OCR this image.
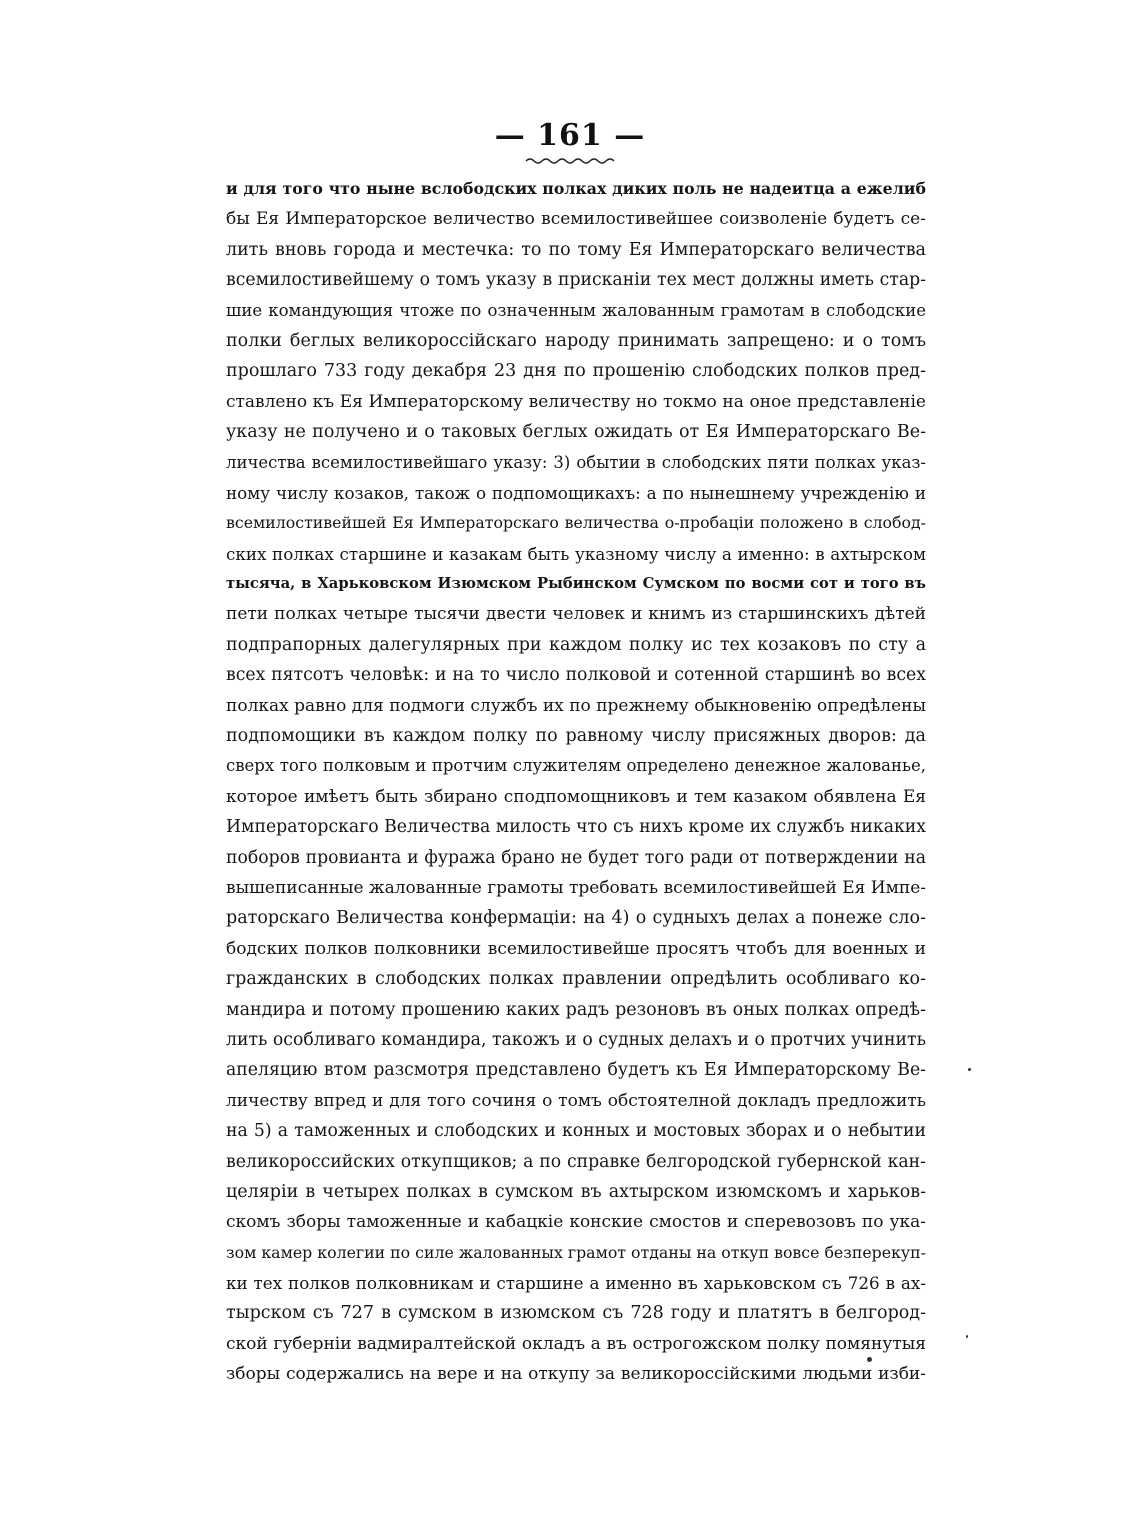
— 161 —
и для того что ныне вслободских полках диких поль не надеитца а ежелиб
бы Ея Императорское величество всемилостивейшее соизволеніе будетъ се-
лить вновь города и местечка: то по тому Ея Императорскаго величества
всемилостивейшему о томъ указу в присканіи тех мест должны иметь стар-
шие командующия чтоже по означенным жалованным грамотам в слободские
полки беглых великороссійскаго народу принимать запрещено: и о томъ
прошлаго 733 году декабря 23 дня по прошенію слободских полков пред-
ставлено къ Ея Императорскому величеству но токмо на оное представленіе
указу не получено и о таковых беглых ожидать от Ея Императорскаго Ве-
личества всемилостивейшаго указу: 3) обытии в слободских пяти полках указ-
ному числу козаков, також о подпомощикахъ: а по нынешнему учрежденію и
всемилостивейшей Ея Императорскаго величества о-пробаціи положено в слобод-
ских полках старшине и казакам быть указному числу а именно: в ахтырском
тысяча, в Харьковском Изюмском Рыбинском Сумском по восми сот и того въ
пети полках четыре тысячи двести человек и книмъ из старшинскихъ дѣтей
подпрапорных далегулярных при каждом полку ис тех козаковъ по сту а
всех пятсотъ человѣк: и на то число полковой и сотенной старшинѣ во всех
полках равно для подмоги службъ их по прежнему обыкновенію опредѣлены
подпомощики въ каждом полку по равному числу присяжных дворов: да
сверх того полковым и протчим служителям определено денежное жалованье,
которое имѣетъ быть збирано сподпомощниковъ и тем казаком обявлена Ея
Императорскаго Величества милость что съ нихъ кроме их службъ никаких
поборов провианта и фуража брано не будет того ради от потверждении на
вышеписанные жалованные грамоты требовать всемилостивейшей Ея Импе-
раторскаго Величества конфермаціи: на 4) о судныхъ делах а понеже сло-
бодских полков полковники всемилостивейше просятъ чтобъ для военных и
гражданских в слободских полках правлении опредѣлить особливаго ко-
мандира и потому прошению каких радъ резоновъ въ оных полках опредѣ-
лить особливаго командира, такожъ и о судных делахъ и о протчих учинить
апеляцию втом разсмотря представлено будетъ къ Ея Императорскому Ве-
личеству впред и для того сочиня о томъ обстоятелной докладъ предложить
на 5) а таможенных и слободских и конных и мостовых зборах и о небытии
великороссийских откупщиков; а по справке белгородской губернской кан-
целяріи в четырех полках в сумском въ ахтырском изюмскомъ и харьков-
скомъ зборы таможенные и кабацкіе конские смостов и сперевозовъ по ука-
зом камер колегии по силе жалованных грамот отданы на откуп вовсе безперекуп-
ки тех полков полковникам и старшине а именно въ харьковском съ 726 в ах-
тырском съ 727 в сумском в изюмском съ 728 году и платятъ в белгород-
ской губерніи вадмиралтейской окладъ а въ острогожском полку помянутыя
зборы содержались на вере и на откупу за великороссійскими людьми изби-
